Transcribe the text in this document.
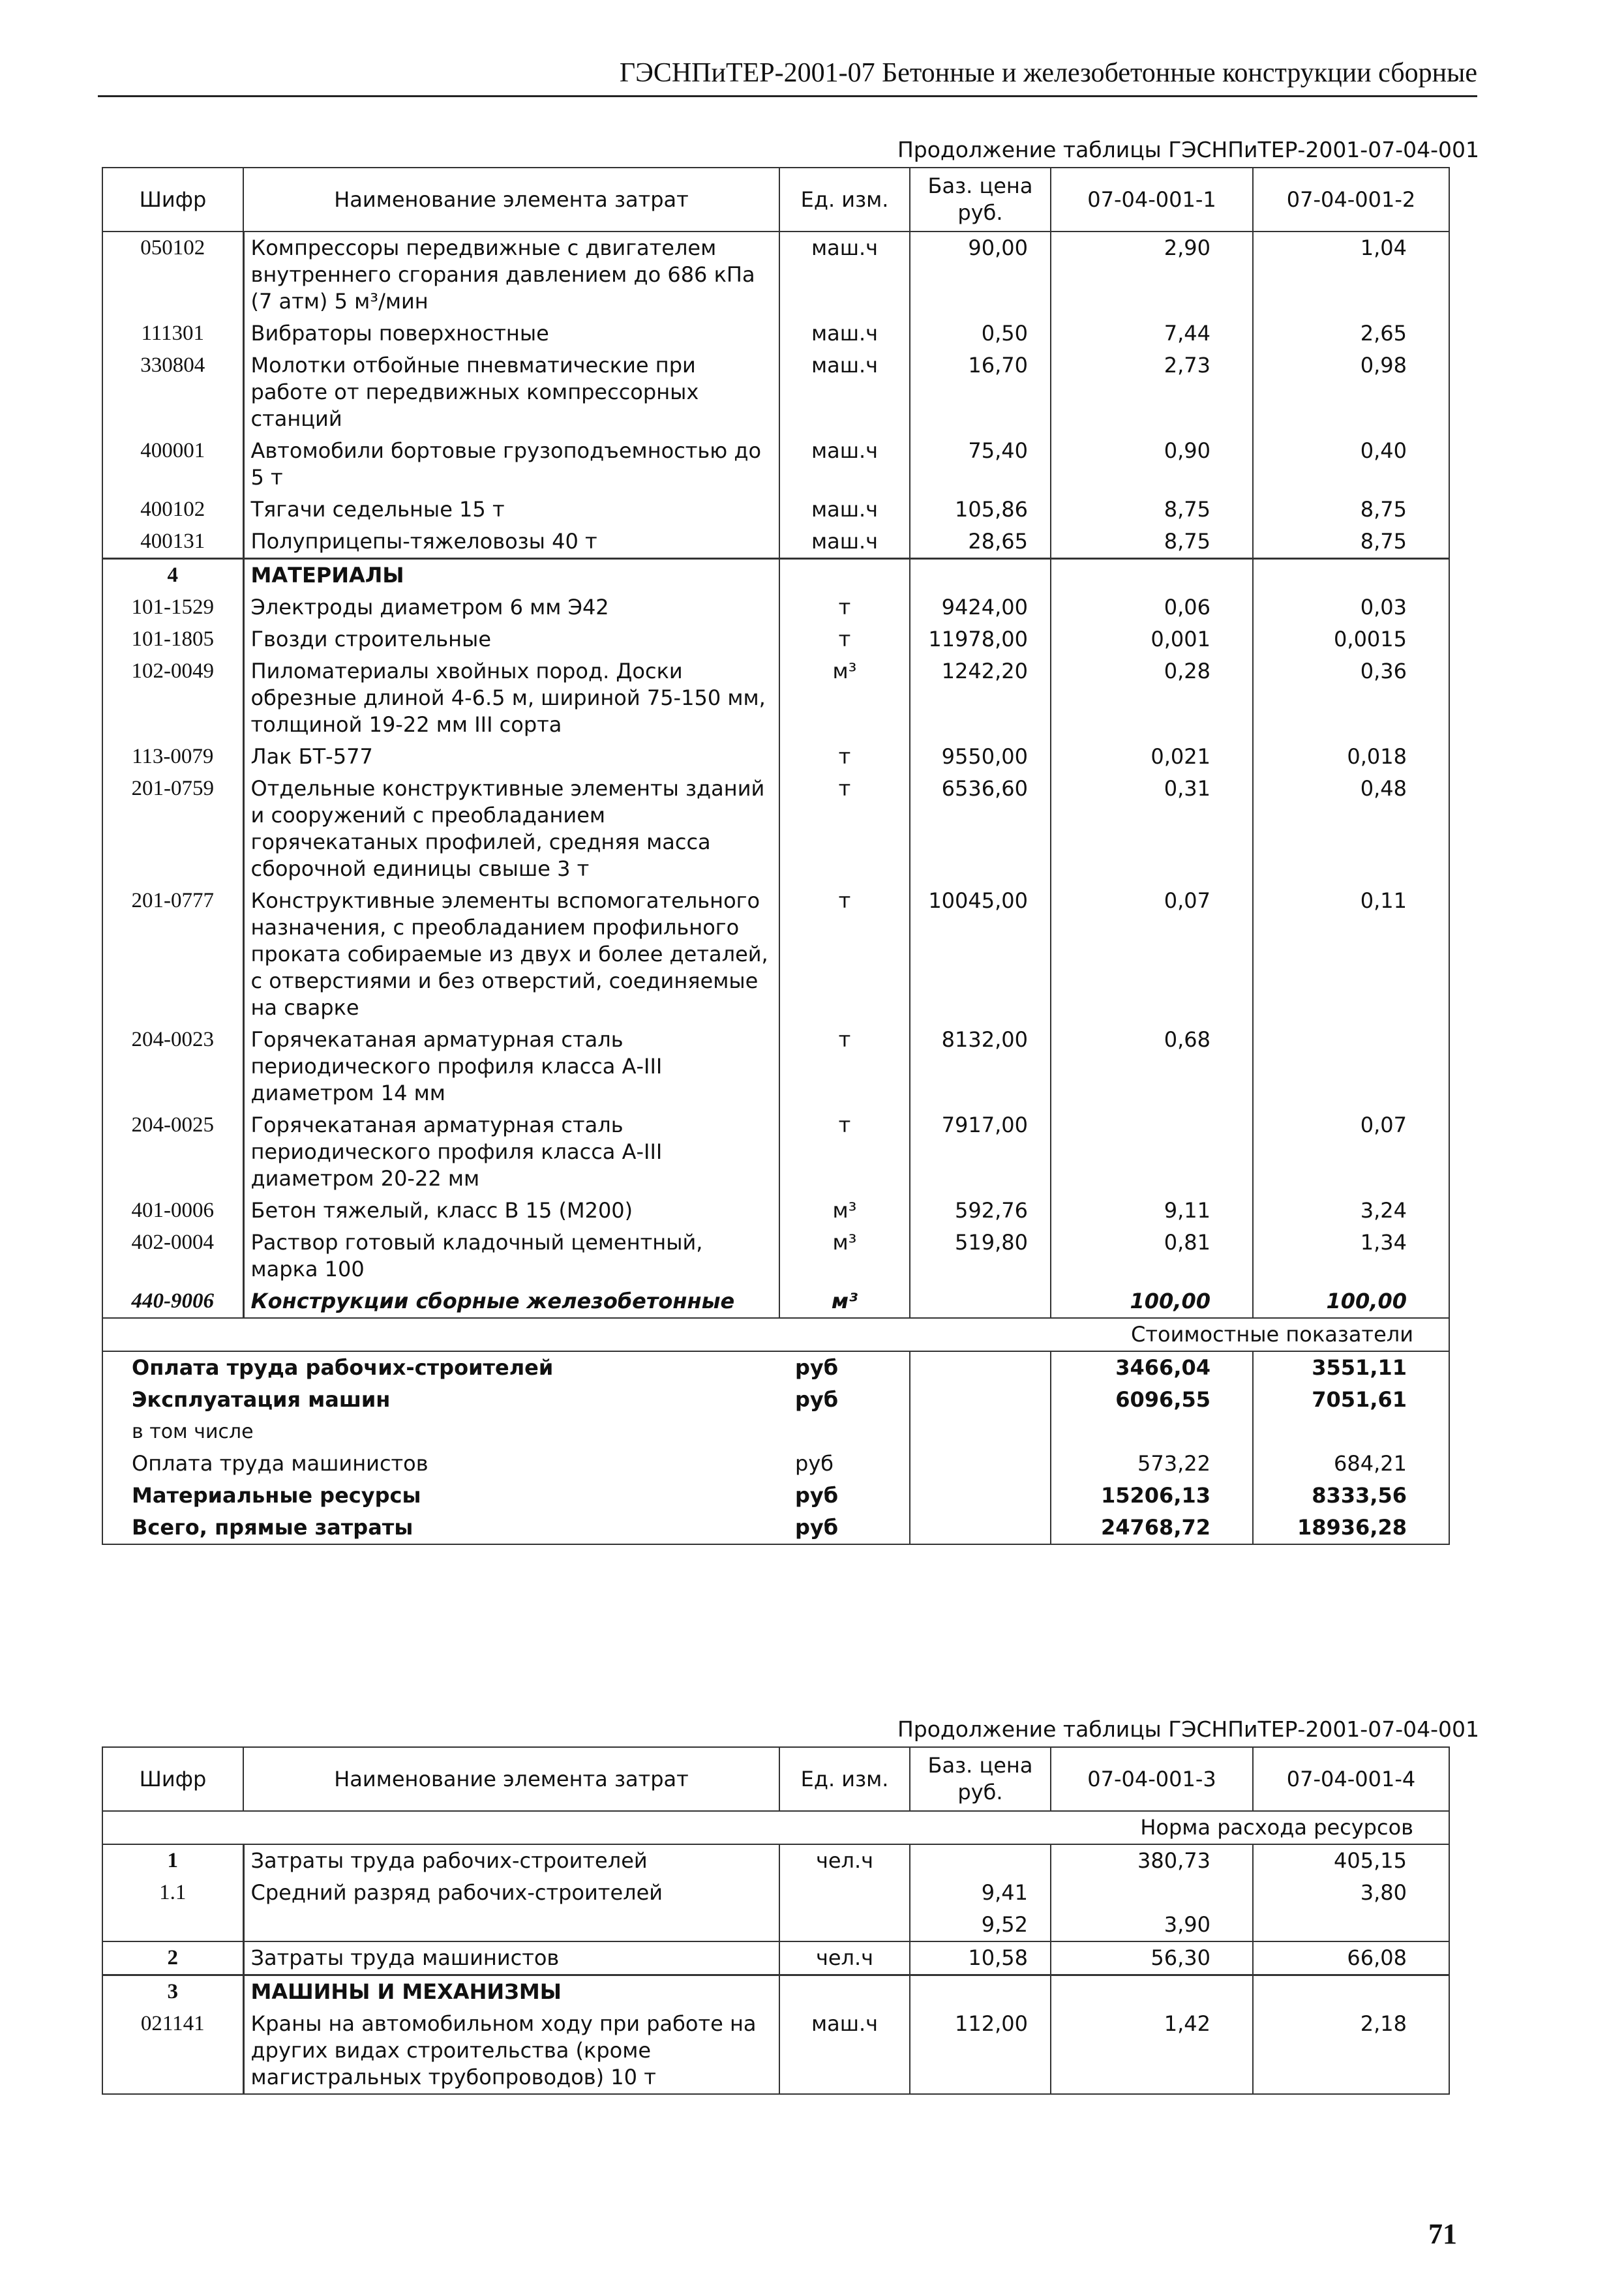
ГЭСНПиТЕР-2001-07 Бетонные и железобетонные конструкции сборные
Продолжение таблицы ГЭСНПиТЕР-2001-07-04-001
Шифр	Наименование элемента затрат	Ед. изм.	Баз. цена руб.	07-04-001-1	07-04-001-2
050102	Компрессоры передвижные с двигателем внутреннего сгорания давлением до 686 кПа (7 атм) 5 м³/мин	маш.ч	90,00	2,90	1,04
111301	Вибраторы поверхностные	маш.ч	0,50	7,44	2,65
330804	Молотки отбойные пневматические при работе от передвижных компрессорных станций	маш.ч	16,70	2,73	0,98
400001	Автомобили бортовые грузоподъемностью до 5 т	маш.ч	75,40	0,90	0,40
400102	Тягачи седельные 15 т	маш.ч	105,86	8,75	8,75
400131	Полуприцепы-тяжеловозы 40 т	маш.ч	28,65	8,75	8,75
4	МАТЕРИАЛЫ				
101-1529	Электроды диаметром 6 мм Э42	т	9424,00	0,06	0,03
101-1805	Гвозди строительные	т	11978,00	0,001	0,0015
102-0049	Пиломатериалы хвойных пород. Доски обрезные длиной 4-6.5 м, шириной 75-150 мм, толщиной 19-22 мм III сорта	м³	1242,20	0,28	0,36
113-0079	Лак БТ-577	т	9550,00	0,021	0,018
201-0759	Отдельные конструктивные элементы зданий и сооружений с преобладанием горячекатаных профилей, средняя масса сборочной единицы свыше 3 т	т	6536,60	0,31	0,48
201-0777	Конструктивные элементы вспомогательного назначения, с преобладанием профильного проката собираемые из двух и более деталей, с отверстиями и без отверстий, соединяемые на сварке	т	10045,00	0,07	0,11
204-0023	Горячекатаная арматурная сталь периодического профиля класса А-III диаметром 14 мм	т	8132,00	0,68	
204-0025	Горячекатаная арматурная сталь периодического профиля класса А-III диаметром 20-22 мм	т	7917,00		0,07
401-0006	Бетон тяжелый, класс В 15 (М200)	м³	592,76	9,11	3,24
402-0004	Раствор готовый кладочный цементный, марка 100	м³	519,80	0,81	1,34
440-9006	Конструкции сборные железобетонные	м³		100,00	100,00
Стоимостные показатели					
Оплата труда рабочих-строителей		руб		3466,04	3551,11
Эксплуатация машин		руб		6096,55	7051,61
в том числе					
Оплата труда машинистов		руб		573,22	684,21
Материальные ресурсы		руб		15206,13	8333,56
Всего, прямые затраты		руб		24768,72	18936,28
Продолжение таблицы ГЭСНПиТЕР-2001-07-04-001
Шифр	Наименование элемента затрат	Ед. изм.	Баз. цена руб.	07-04-001-3	07-04-001-4
Норма расхода ресурсов					
1	Затраты труда рабочих-строителей	чел.ч		380,73	405,15
1.1	Средний разряд рабочих-строителей		9,41		3,80
			9,52	3,90	
2	Затраты труда машинистов	чел.ч	10,58	56,30	66,08
3	МАШИНЫ И МЕХАНИЗМЫ				
021141	Краны на автомобильном ходу при работе на других видах строительства (кроме магистральных трубопроводов) 10 т	маш.ч	112,00	1,42	2,18
71
